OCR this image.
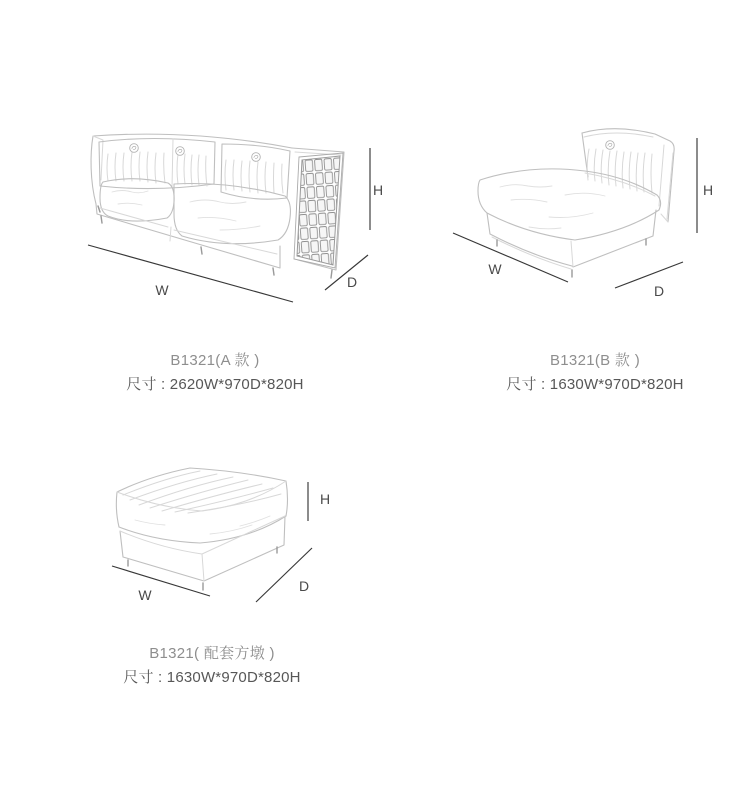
W	D
H
B1321(A 款 )
尺寸 : 2620W*970D*820H
W
D
H
B1321(B 款 )
尺寸 : 1630W*970D*820H
W
D
H
B1321( 配套方墩 )
尺寸 : 1630W*970D*820H
